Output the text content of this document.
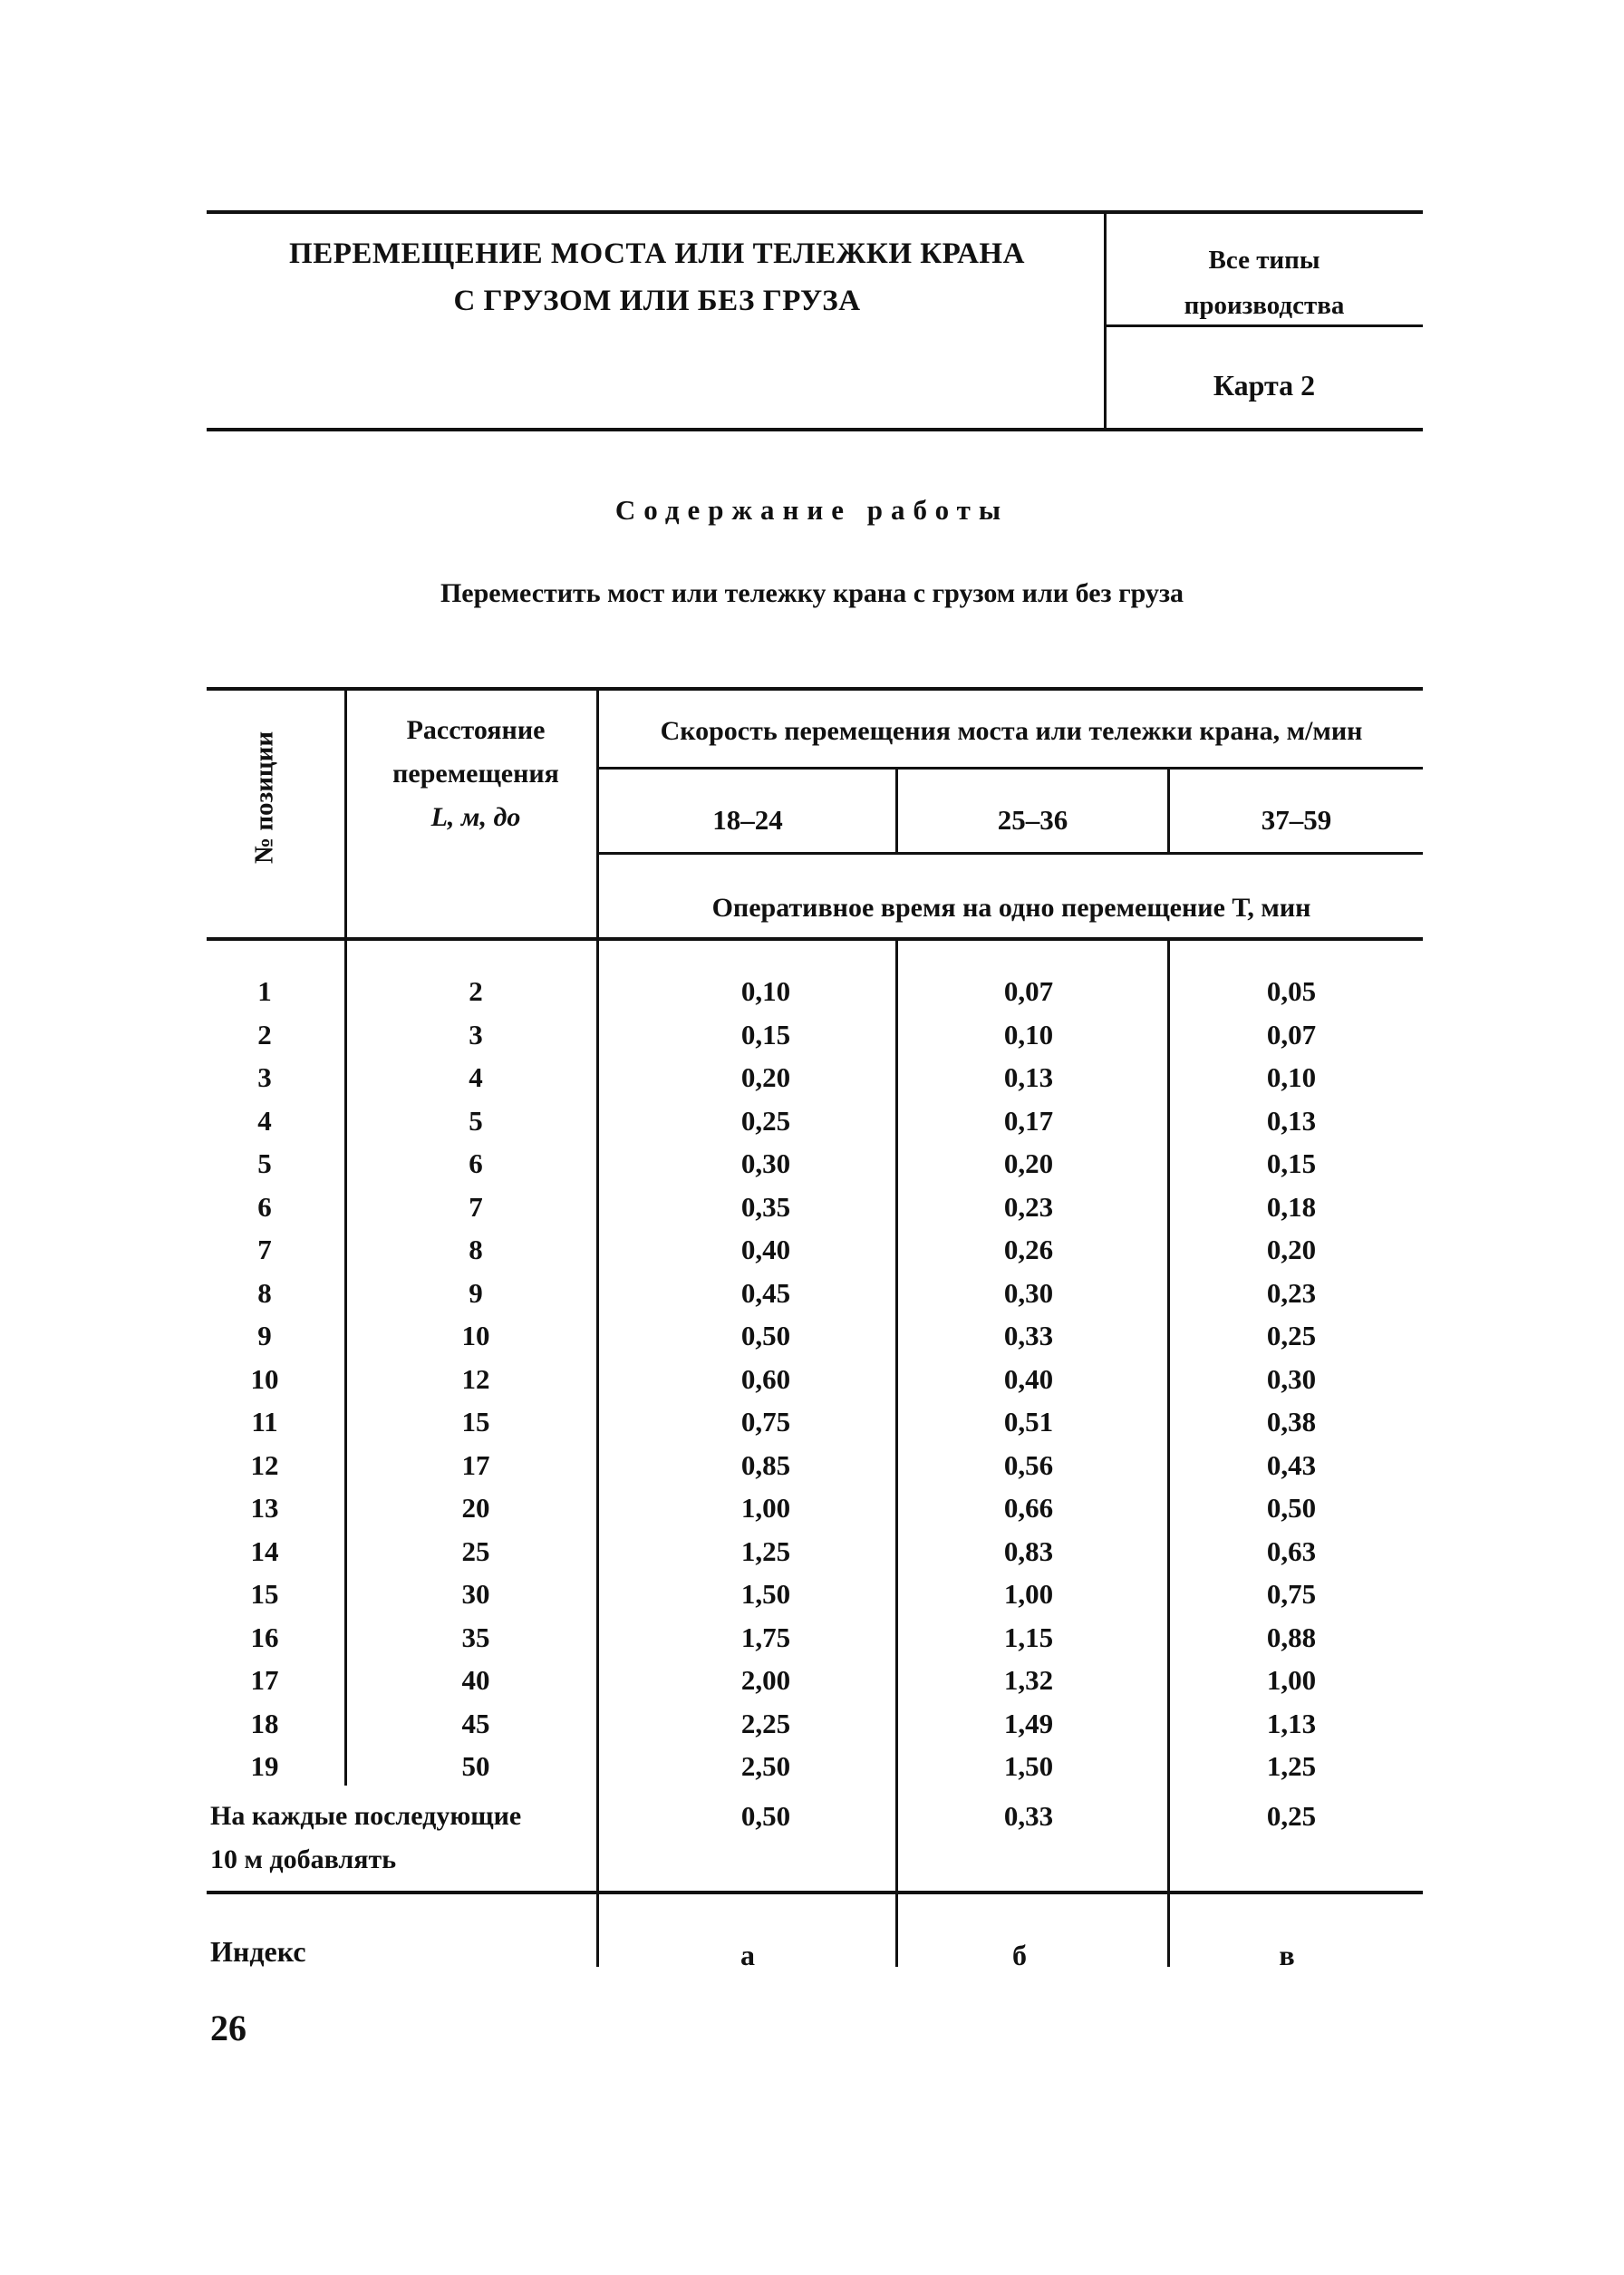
ПЕРЕМЕЩЕНИЕ МОСТА ИЛИ ТЕЛЕЖКИ КРАНА
С ГРУЗОМ ИЛИ БЕЗ ГРУЗА
Все типы
производства
Карта 2
Содержание работы
Переместить мост или тележку крана с грузом или без груза
№ позиции
Расстояние
перемещения
L, м, до
Скорость перемещения моста или тележки крана, м/мин
18–24	25–36	37–59
Оперативное время на одно перемещение Т, мин
1	2	0,10	0,07	0,05
2	3	0,15	0,10	0,07
3	4	0,20	0,13	0,10
4	5	0,25	0,17	0,13
5	6	0,30	0,20	0,15
6	7	0,35	0,23	0,18
7	8	0,40	0,26	0,20
8	9	0,45	0,30	0,23
9	10	0,50	0,33	0,25
10	12	0,60	0,40	0,30
11	15	0,75	0,51	0,38
12	17	0,85	0,56	0,43
13	20	1,00	0,66	0,50
14	25	1,25	0,83	0,63
15	30	1,50	1,00	0,75
16	35	1,75	1,15	0,88
17	40	2,00	1,32	1,00
18	45	2,25	1,49	1,13
19	50	2,50	1,50	1,25
На каждые последующие
10 м добавлять
0,50	0,33	0,25
Индекс	а	б	в
26
